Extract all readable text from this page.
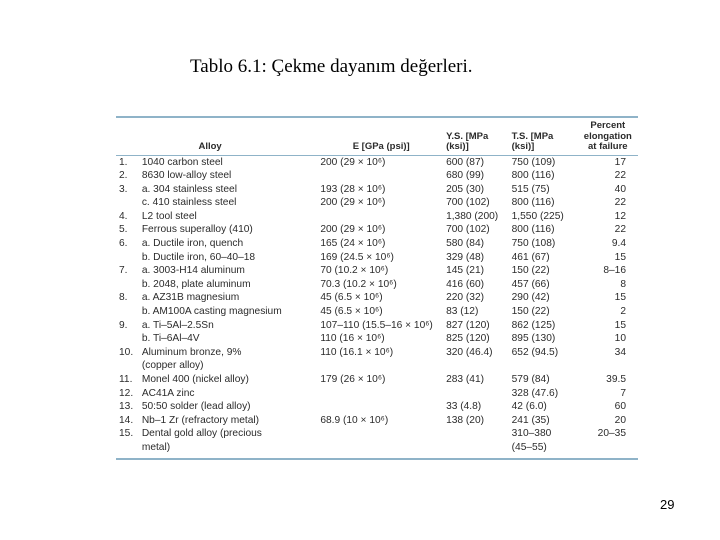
Tablo 6.1: Çekme dayanım değerleri.
	Alloy	E [GPa (psi)]	Y.S. [MPa (ksi)]	T.S. [MPa (ksi)]	Percent elongation at failure
1.	1040 carbon steel	200 (29 × 10⁶)	600 (87)	750 (109)	17
2.	8630 low-alloy steel		680 (99)	800 (116)	22
3.	a. 304 stainless steel	193 (28 × 10⁶)	205 (30)	515 (75)	40
	c. 410 stainless steel	200 (29 × 10⁶)	700 (102)	800 (116)	22
4.	L2 tool steel		1,380 (200)	1,550 (225)	12
5.	Ferrous superalloy (410)	200 (29 × 10⁶)	700 (102)	800 (116)	22
6.	a. Ductile iron, quench	165 (24 × 10⁶)	580 (84)	750 (108)	9.4
	b. Ductile iron, 60–40–18	169 (24.5 × 10⁶)	329 (48)	461 (67)	15
7.	a. 3003-H14 aluminum	70 (10.2 × 10⁶)	145 (21)	150 (22)	8–16
	b. 2048, plate aluminum	70.3 (10.2 × 10⁶)	416 (60)	457 (66)	8
8.	a. AZ31B magnesium	45 (6.5 × 10⁶)	220 (32)	290 (42)	15
	b. AM100A casting magnesium	45 (6.5 × 10⁶)	83 (12)	150 (22)	2
9.	a. Ti–5Al–2.5Sn	107–110 (15.5–16 × 10⁶)	827 (120)	862 (125)	15
	b. Ti–6Al–4V	110 (16 × 10⁶)	825 (120)	895 (130)	10
10.	Aluminum bronze, 9%	110 (16.1 × 10⁶)	320 (46.4)	652 (94.5)	34
	(copper alloy)				
11.	Monel 400 (nickel alloy)	179 (26 × 10⁶)	283 (41)	579 (84)	39.5
12.	AC41A zinc			328 (47.6)	7
13.	50:50 solder (lead alloy)		33 (4.8)	42 (6.0)	60
14.	Nb–1 Zr (refractory metal)	68.9 (10 × 10⁶)	138 (20)	241 (35)	20
15.	Dental gold alloy (precious			310–380	20–35
	metal)			(45–55)	
29
